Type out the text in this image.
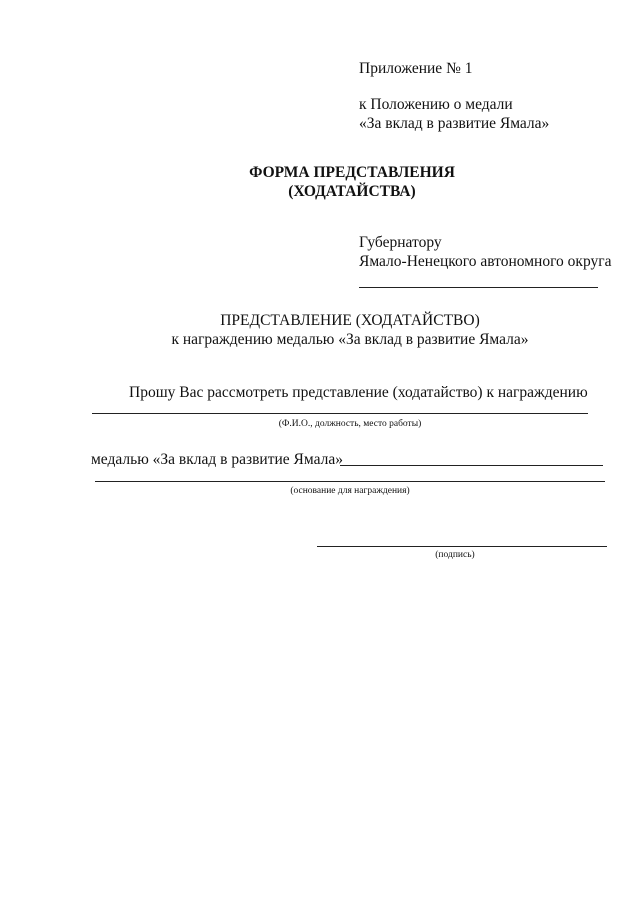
Приложение № 1
к Положению о медали
«За вклад в развитие Ямала»
ФОРМА ПРЕДСТАВЛЕНИЯ
(ХОДАТАЙСТВА)
Губернатору
Ямало-Ненецкого автономного округа
ПРЕДСТАВЛЕНИЕ (ХОДАТАЙСТВО)
к награждению медалью «За вклад в развитие Ямала»
Прошу Вас рассмотреть представление (ходатайство) к награждению
(Ф.И.О., должность, место работы)
медалью «За вклад в развитие Ямала»
(основание для награждения)
(подпись)
